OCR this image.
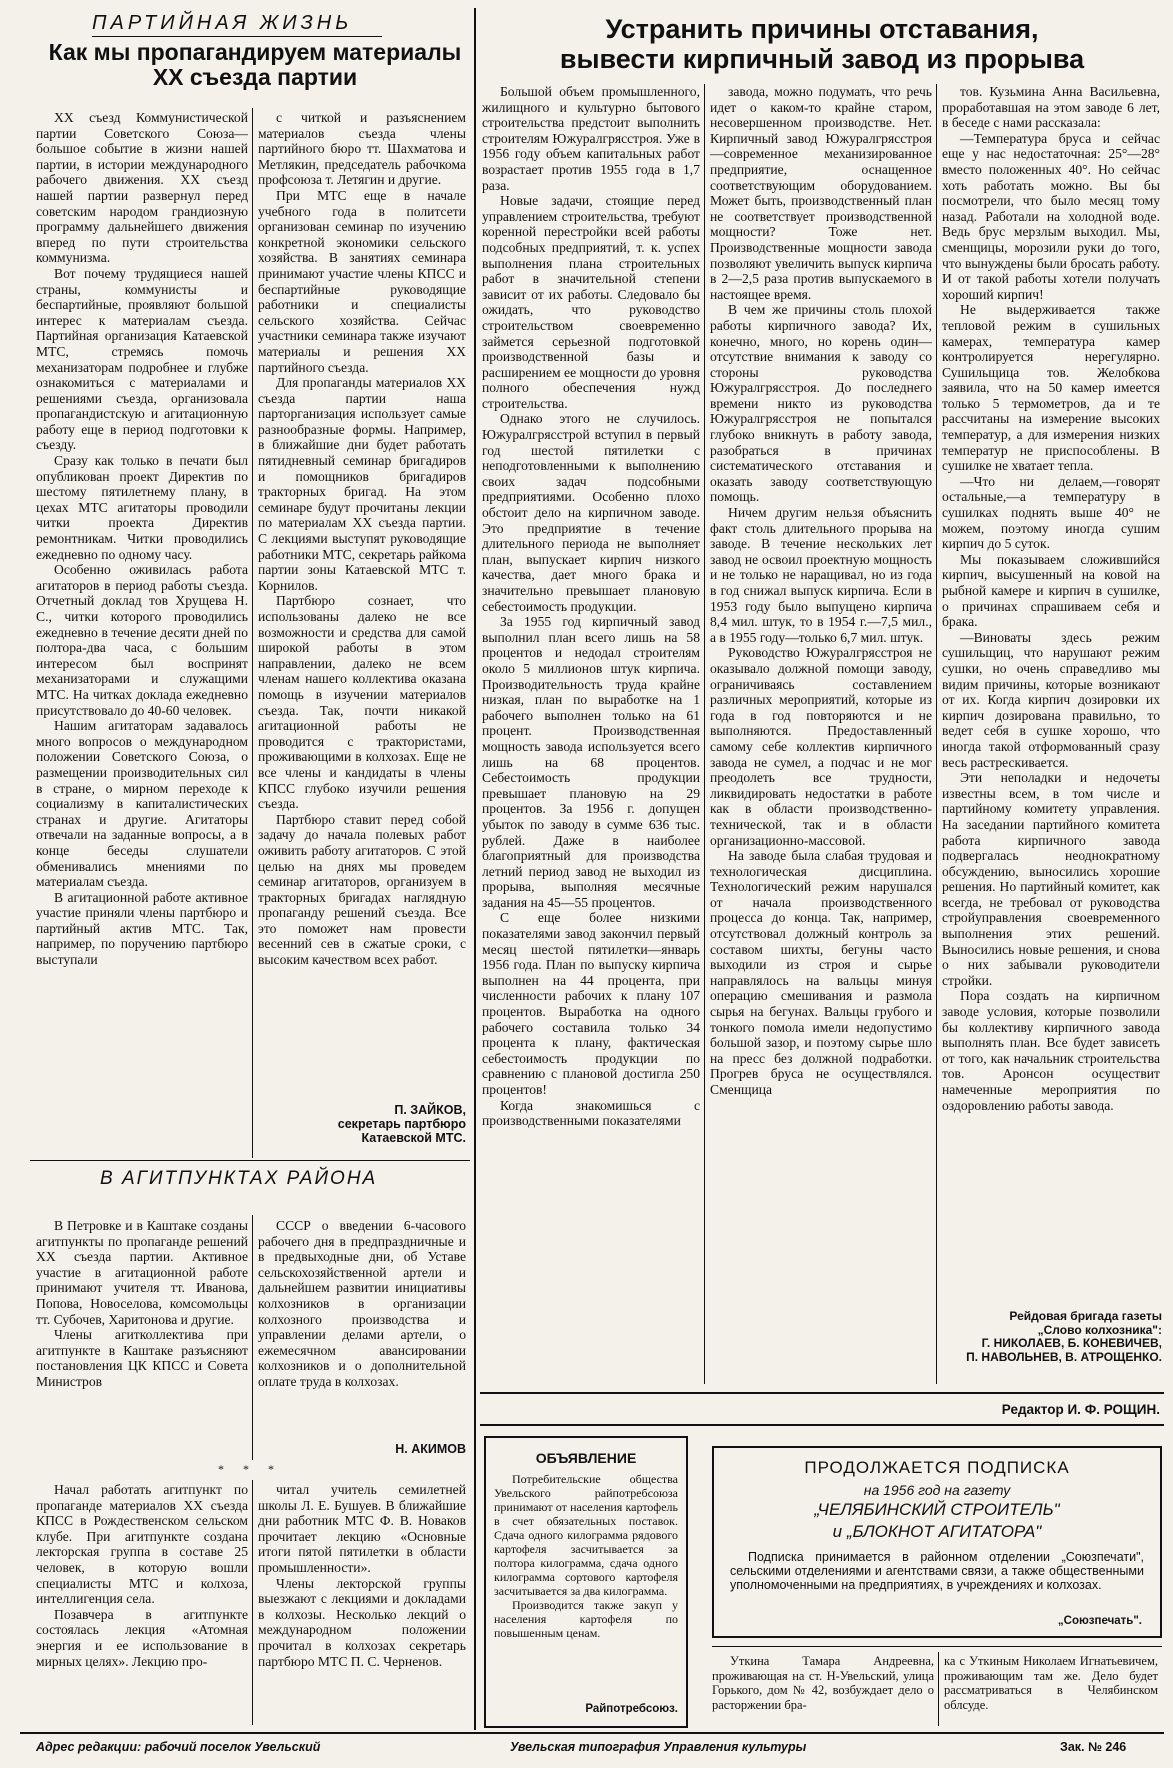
ПАРТИЙНАЯ ЖИЗНЬ
Как мы пропагандируем материалы XX съезда партии

XX съезд Коммунистической партии Советского Союза—большое событие в жизни нашей партии, в истории международного рабочего движения. XX съезд нашей партии развернул перед советским народом грандиозную программу дальнейшего движения вперед по пути строительства коммунизма.

Вот почему трудящиеся нашей страны, коммунисты и беспартийные, проявляют большой интерес к материалам съезда. Партийная организация Катаевской МТС, стремясь помочь механизаторам подробнее и глубже ознакомиться с материалами и решениями съезда, организовала пропагандистскую и агитационную работу еще в период подготовки к съезду.

Сразу как только в печати был опубликован проект Директив по шестому пятилетнему плану, в цехах МТС агитаторы проводили читки проекта Директив ремонтникам. Читки проводились ежедневно по одному часу.

Особенно оживилась работа агитаторов в период работы съезда. Отчетный доклад тов Хрущева Н. С., читки которого проводились ежедневно в течение десяти дней по полтора-два часа, с большим интересом был воспринят механизаторами и служащими МТС. На читках доклада ежедневно присутствовало до 40-60 человек.

Нашим агитаторам задавалось много вопросов о международном положении Советского Союза, о размещении производительных сил в стране, о мирном переходе к социализму в капиталистических странах и другие. Агитаторы отвечали на заданные вопросы, а в конце беседы слушатели обменивались мнениями по материалам съезда.

В агитационной работе активное участие приняли члены партбюро и партийный актив МТС. Так, например, по поручению партбюро выступали

с читкой и разъяснением материалов съезда члены партийного бюро тт. Шахматова и Метлякин, председатель рабочкома профсоюза т. Летягин и другие.

При МТС еще в начале учебного года в политсети организован семинар по изучению конкретной экономики сельского хозяйства. В занятиях семинара принимают участие члены КПСС и беспартийные руководящие работники и специалисты сельского хозяйства. Сейчас участники семинара также изучают материалы и решения XX партийного съезда.

Для пропаганды материалов XX съезда партии наша парторганизация использует самые разнообразные формы. Например, в ближайшие дни будет работать пятидневный семинар бригадиров и помощников бригадиров тракторных бригад. На этом семинаре будут прочитаны лекции по материалам XX съезда партии. С лекциями выступят руководящие работники МТС, секретарь райкома партии зоны Катаевской МТС т. Корнилов.

Партбюро сознает, что использованы далеко не все возможности и средства для самой широкой работы в этом направлении, далеко не всем членам нашего коллектива оказана помощь в изучении материалов съезда. Так, почти никакой агитационной работы не проводится с трактористами, проживающими в колхозах. Еще не все члены и кандидаты в члены КПСС глубоко изучили решения съезда.

Партбюро ставит перед собой задачу до начала полевых работ оживить работу агитаторов. С этой целью на днях мы проведем семинар агитаторов, организуем в тракторных бригадах наглядную пропаганду решений съезда. Все это поможет нам провести весенний сев в сжатые сроки, с высоким качеством всех работ.

П. ЗАЙКОВ,
секретарь партбюро
Катаевской МТС.
В АГИТПУНКТАХ РАЙОНА

В Петровке и в Каштаке созданы агитпункты по пропаганде решений XX съезда партии. Активное участие в агитационной работе принимают учителя тт. Иванова, Попова, Новоселова, комсомольцы тт. Субочев, Харитонова и другие.

Члены агитколлектива при агитпункте в Каштаке разъясняют постановления ЦК КПСС и Совета Министров

СССР о введении 6-часового рабочего дня в предпраздничные и в предвыходные дни, об Уставе сельскохозяйственной артели и дальнейшем развитии инициативы колхозников в организации колхозного производства и управлении делами артели, о ежемесячном авансировании колхозников и о дополнительной оплате труда в колхозах.

Н. АКИМОВ
* * *

Начал работать агитпункт по пропаганде материалов XX съезда КПСС в Рождественском сельском клубе. При агитпункте создана лекторская группа в составе 25 человек, в которую вошли специалисты МТС и колхоза, интеллигенция села.

Позавчера в агитпункте состоялась лекция «Атомная энергия и ее использование в мирных целях». Лекцию про-

читал учитель семилетней школы Л. Е. Бушуев. В ближайшие дни работник МТС Ф. В. Новаков прочитает лекцию «Основные итоги пятой пятилетки в области промышленности».

Члены лекторской группы выезжают с лекциями и докладами в колхозы. Несколько лекций о международном положении прочитал в колхозах секретарь партбюро МТС П. С. Черненов.

Устранить причины отставания,
вывести кирпичный завод из прорыва

Большой объем промышленного, жилищного и культурно бытового строительства предстоит выполнить строителям Южуралгрясстроя. Уже в 1956 году объем капитальных работ возрастает против 1955 года в 1,7 раза.

Новые задачи, стоящие перед управлением строительства, требуют коренной перестройки всей работы подсобных предприятий, т. к. успех выполнения плана строительных работ в значительной степени зависит от их работы. Следовало бы ожидать, что руководство строительством своевременно займется серьезной подготовкой производственной базы и расширением ее мощности до уровня полного обеспечения нужд строительства.

Однако этого не случилось. Южуралгрясстрой вступил в первый год шестой пятилетки с неподготовленными к выполнению своих задач подсобными предприятиями. Особенно плохо обстоит дело на кирпичном заводе. Это предприятие в течение длительного периода не выполняет план, выпускает кирпич низкого качества, дает много брака и значительно превышает плановую себестоимость продукции.

За 1955 год кирпичный завод выполнил план всего лишь на 58 процентов и недодал строителям около 5 миллионов штук кирпича. Производительность труда крайне низкая, план по выработке на 1 рабочего выполнен только на 61 процент. Производственная мощность завода используется всего лишь на 68 процентов. Себестоимость продукции превышает плановую на 29 процентов. За 1956 г. допущен убыток по заводу в сумме 636 тыс. рублей. Даже в наиболее благоприятный для производства летний период завод не выходил из прорыва, выполняя месячные задания на 45—55 процентов.

С еще более низкими показателями завод закончил первый месяц шестой пятилетки—январь 1956 года. План по выпуску кирпича выполнен на 44 процента, при численности рабочих к плану 107 процентов. Выработка на одного рабочего составила только 34 процента к плану, фактическая себестоимость продукции по сравнению с плановой достигла 250 процентов!

Когда знакомишься с производственными показателями

завода, можно подумать, что речь идет о каком-то крайне старом, несовершенном производстве. Нет. Кирпичный завод Южуралгрясстроя—современное механизированное предприятие, оснащенное соответствующим оборудованием. Может быть, производственный план не соответствует производственной мощности? Тоже нет. Производственные мощности завода позволяют увеличить выпуск кирпича в 2—2,5 раза против выпускаемого в настоящее время.

В чем же причины столь плохой работы кирпичного завода? Их, конечно, много, но корень один—отсутствие внимания к заводу со стороны руководства Южуралгрясстроя. До последнего времени никто из руководства Южуралгрясстроя не попытался глубоко вникнуть в работу завода, разобраться в причинах систематического отставания и оказать заводу соответствующую помощь.

Ничем другим нельзя объяснить факт столь длительного прорыва на заводе. В течение нескольких лет завод не освоил проектную мощность и не только не наращивал, но из года в год снижал выпуск кирпича. Если в 1953 году было выпущено кирпича 8,4 мил. штук, то в 1954 г.—7,5 мил., а в 1955 году—только 6,7 мил. штук.

Руководство Южуралгрясстроя не оказывало должной помощи заводу, ограничиваясь составлением различных мероприятий, которые из года в год повторяются и не выполняются. Предоставленный самому себе коллектив кирпичного завода не сумел, а подчас и не мог преодолеть все трудности, ликвидировать недостатки в работе как в области производственно-технической, так и в области организационно-массовой.

На заводе была слабая трудовая и технологическая дисциплина. Технологический режим нарушался от начала производственного процесса до конца. Так, например, отсутствовал должный контроль за составом шихты, бегуны часто выходили из строя и сырье направлялось на вальцы минуя операцию смешивания и размола сырья на бегунах. Вальцы грубого и тонкого помола имели недопустимо большой зазор, и поэтому сырье шло на пресс без должной подработки. Прогрев бруса не осуществлялся. Сменщица

тов. Кузьмина Анна Васильевна, проработавшая на этом заводе 6 лет, в беседе с нами рассказала:

—Температура бруса и сейчас еще у нас недостаточная: 25°—28° вместо положенных 40°. Но сейчас хоть работать можно. Вы бы посмотрели, что было месяц тому назад. Работали на холодной воде. Ведь брус мерзлым выходил. Мы, сменщицы, морозили руки до того, что вынуждены были бросать работу. И от такой работы хотели получать хороший кирпич!

Не выдерживается также тепловой режим в сушильных камерах, температура камер контролируется нерегулярно. Сушильщица тов. Желобкова заявила, что на 50 камер имеется только 5 термометров, да и те рассчитаны на измерение высоких температур, а для измерения низких температур не приспособлены. В сушилке не хватает тепла.

—Что ни делаем,—говорят остальные,—а температуру в сушилках поднять выше 40° не можем, поэтому иногда сушим кирпич до 5 суток.

Мы показываем сложившийся кирпич, высушенный на ковой на рыбной камере и кирпич в сушилке, о причинах спрашиваем себя и брака.

—Виноваты здесь режим сушильщиц, что нарушают режим сушки, но очень справедливо мы видим причины, которые возникают от их. Когда кирпич дозировки их кирпич дозирована правильно, то ведет себя в сушке хорошо, что иногда такой отформованный сразу весь растрескивается.

Эти неполадки и недочеты известны всем, в том числе и партийному комитету управления. На заседании партийного комитета работа кирпичного завода подвергалась неоднократному обсуждению, выносились хорошие решения. Но партийный комитет, как всегда, не требовал от руководства стройуправления своевременного выполнения этих решений. Выносились новые решения, и снова о них забывали руководители стройки.

Пора создать на кирпичном заводе условия, которые позволили бы коллективу кирпичного завода выполнять план. Все будет зависеть от того, как начальник строительства тов. Аронсон осуществит намеченные мероприятия по оздоровлению работы завода.

Рейдовая бригада газеты
„Слово колхозника":
Г. НИКОЛАЕВ, Б. КОНЕВИЧЕВ,
П. НАВОЛЬНЕВ, В. АТРОЩЕНКО.
Редактор И. Ф. РОЩИН.
ОБЪЯВЛЕНИЕ

Потребительские общества Увельского райпотребсоюза принимают от населения картофель в счет обязательных поставок. Сдача одного килограмма рядового картофеля засчитывается за полтора килограмма, сдача одного килограмма сортового картофеля засчитывается за два килограмма.

Производится также закуп у населения картофеля по повышенным ценам.

Райпотребсоюз.
ПРОДОЛЖАЕТСЯ ПОДПИСКА
на 1956 год на газету
„ЧЕЛЯБИНСКИЙ СТРОИТЕЛЬ"
и „БЛОКНОТ АГИТАТОРА"
Подписка принимается в районном отделении „Союзпечати", сельскими отделениями и агентствами связи, а также общественными уполномоченными на предприятиях, в учреждениях и колхозах.
„Союзпечать".

Уткина Тамара Андреевна, проживающая на ст. Н-Увельский, улица Горького, дом № 42, возбуждает дело о расторжении бра-

ка с Уткиным Николаем Игнатьевичем, проживающим там же. Дело будет рассматриваться в Челябинском облсуде.

Адрес редакции: рабочий поселок Увельский	Увельская типография Управления культуры	Зак. № 246
